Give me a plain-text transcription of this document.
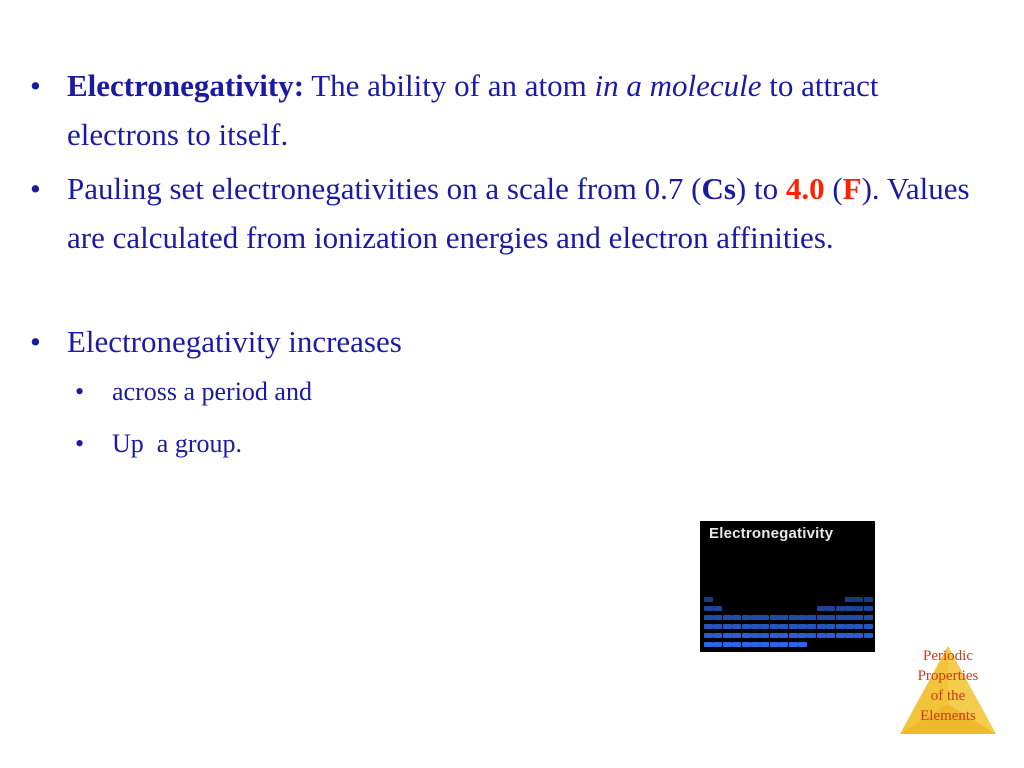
• Electronegativity: The ability of an atom in a molecule to attract electrons to itself.
• Pauling set electronegativities on a scale from 0.7 (Cs) to 4.0 (F). Values are calculated from ionization energies and electron affinities.
• Electronegativity increases
• across a period and
• Up  a group.
Electronegativity
Periodic
Properties
of the
Elements
